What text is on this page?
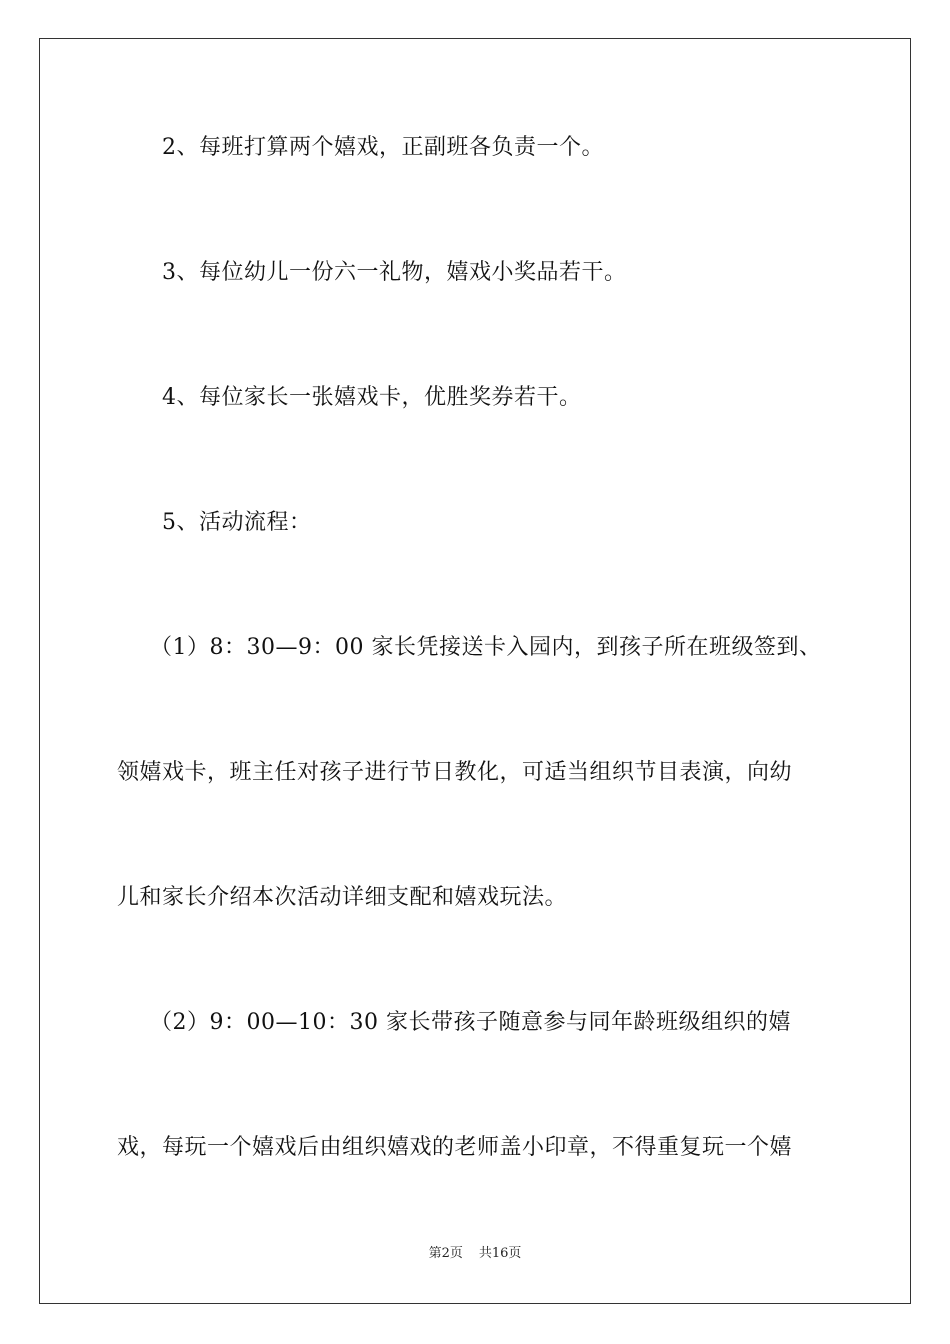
2、每班打算两个嬉戏，正副班各负责一个。
3、每位幼儿一份六一礼物，嬉戏小奖品若干。
4、每位家长一张嬉戏卡，优胜奖券若干。
5、活动流程：
（1）8：30—9：00 家长凭接送卡入园内，到孩子所在班级签到、
领嬉戏卡，班主任对孩子进行节日教化，可适当组织节目表演，向幼
儿和家长介绍本次活动详细支配和嬉戏玩法。
（2）9：00—10：30 家长带孩子随意参与同年龄班级组织的嬉
戏，每玩一个嬉戏后由组织嬉戏的老师盖小印章，不得重复玩一个嬉
第2页 共16页
